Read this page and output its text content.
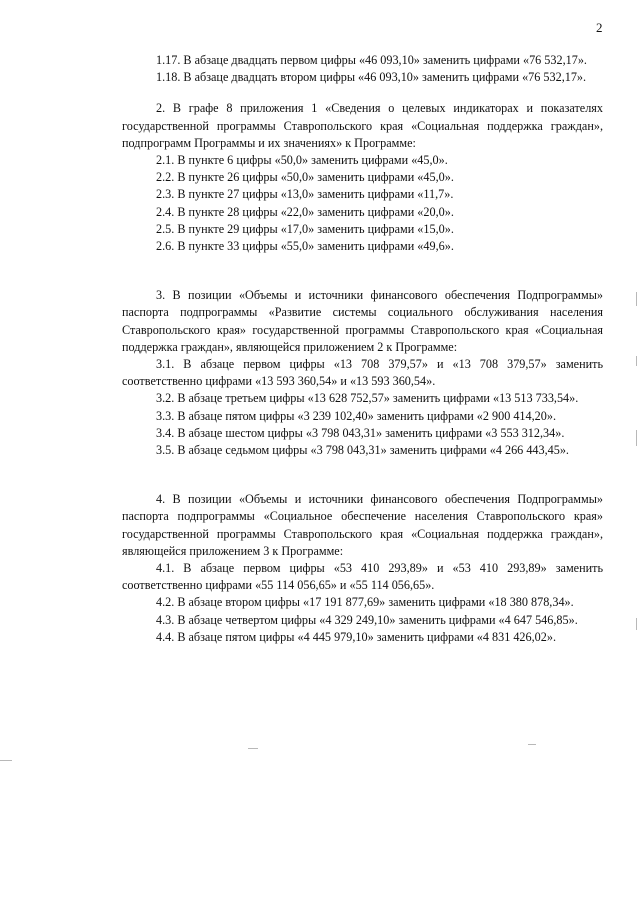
2

1.17. В абзаце двадцать первом цифры «46 093,10» заменить цифрами «76 532,17».

1.18. В абзаце двадцать втором цифры «46 093,10» заменить цифрами «76 532,17».

2. В графе 8 приложения 1 «Сведения о целевых индикаторах и показателях государственной программы Ставропольского края «Социальная поддержка граждан», подпрограмм Программы и их значениях» к Программе:

2.1. В пункте 6 цифры «50,0» заменить цифрами «45,0».

2.2. В пункте 26 цифры «50,0» заменить цифрами «45,0».

2.3. В пункте 27 цифры «13,0» заменить цифрами «11,7».

2.4. В пункте 28 цифры «22,0» заменить цифрами «20,0».

2.5. В пункте 29 цифры «17,0» заменить цифрами «15,0».

2.6. В пункте 33 цифры «55,0» заменить цифрами «49,6».

3. В позиции «Объемы и источники финансового обеспечения Подпрограммы» паспорта подпрограммы «Развитие системы социального обслуживания населения Ставропольского края» государственной программы Ставропольского края «Социальная поддержка граждан», являющейся приложением 2 к Программе:

3.1. В абзаце первом цифры «13 708 379,57» и «13 708 379,57» заменить соответственно цифрами «13 593 360,54» и «13 593 360,54».

3.2. В абзаце третьем цифры «13 628 752,57» заменить цифрами «13 513 733,54».

3.3. В абзаце пятом цифры «3 239 102,40» заменить цифрами «2 900 414,20».

3.4. В абзаце шестом цифры «3 798 043,31» заменить цифрами «3 553 312,34».

3.5. В абзаце седьмом цифры «3 798 043,31» заменить цифрами «4 266 443,45».

4. В позиции «Объемы и источники финансового обеспечения Подпрограммы» паспорта подпрограммы «Социальное обеспечение населения Ставропольского края» государственной программы Ставропольского края «Социальная поддержка граждан», являющейся приложением 3 к Программе:

4.1. В абзаце первом цифры «53 410 293,89» и «53 410 293,89» заменить соответственно цифрами «55 114 056,65» и «55 114 056,65».

4.2. В абзаце втором цифры «17 191 877,69» заменить цифрами «18 380 878,34».

4.3. В абзаце четвертом цифры «4 329 249,10» заменить цифрами «4 647 546,85».

4.4. В абзаце пятом цифры «4 445 979,10» заменить цифрами «4 831 426,02».
